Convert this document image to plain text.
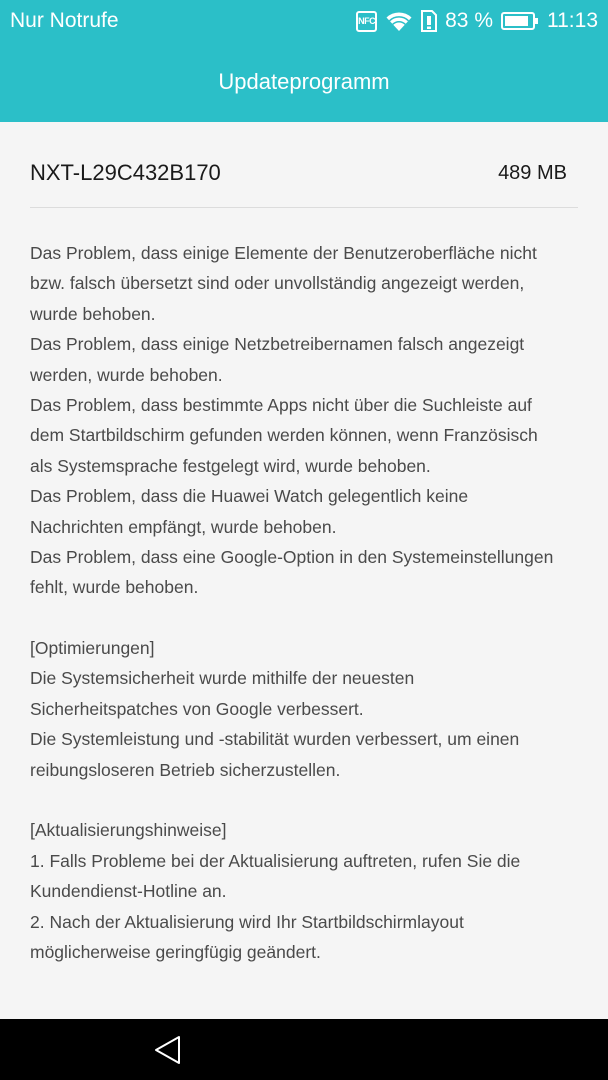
Nur Notrufe	NFC	83 %	11:13
Updateprogramm
NXT-L29C432B170	489 MB
Das Problem, dass einige Elemente der Benutzeroberfläche nicht
bzw. falsch übersetzt sind oder unvollständig angezeigt werden,
wurde behoben.
Das Problem, dass einige Netzbetreibernamen falsch angezeigt
werden, wurde behoben.
Das Problem, dass bestimmte Apps nicht über die Suchleiste auf
dem Startbildschirm gefunden werden können, wenn Französisch
als Systemsprache festgelegt wird, wurde behoben.
Das Problem, dass die Huawei Watch gelegentlich keine
Nachrichten empfängt, wurde behoben.
Das Problem, dass eine Google-Option in den Systemeinstellungen
fehlt, wurde behoben.
[Optimierungen]
Die Systemsicherheit wurde mithilfe der neuesten
Sicherheitspatches von Google verbessert.
Die Systemleistung und -stabilität wurden verbessert, um einen
reibungsloseren Betrieb sicherzustellen.
[Aktualisierungshinweise]
1. Falls Probleme bei der Aktualisierung auftreten, rufen Sie die
Kundendienst-Hotline an.
2. Nach der Aktualisierung wird Ihr Startbildschirmlayout
möglicherweise geringfügig geändert.
